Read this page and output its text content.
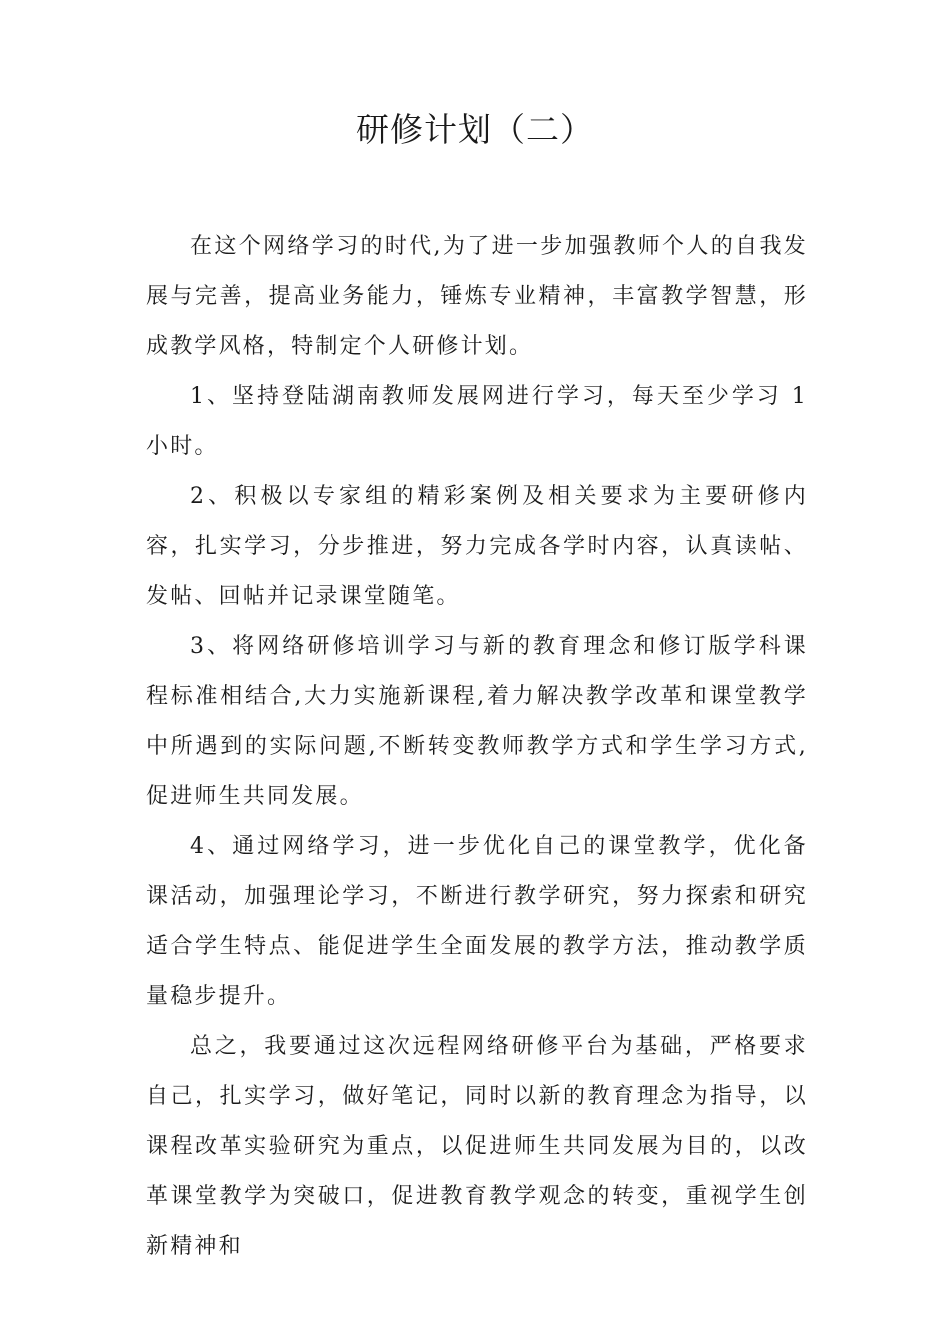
研修计划（二）

在这个网络学习的时代,为了进一步加强教师个人的自我发展与完善，提高业务能力，锤炼专业精神，丰富教学智慧，形成教学风格，特制定个人研修计划。

1、坚持登陆湖南教师发展网进行学习，每天至少学习 1 小时。

2、积极以专家组的精彩案例及相关要求为主要研修内容，扎实学习，分步推进，努力完成各学时内容，认真读帖、发帖、回帖并记录课堂随笔。

3、将网络研修培训学习与新的教育理念和修订版学科课程标准相结合,大力实施新课程,着力解决教学改革和课堂教学中所遇到的实际问题,不断转变教师教学方式和学生学习方式,促进师生共同发展。

4、通过网络学习，进一步优化自己的课堂教学，优化备课活动，加强理论学习，不断进行教学研究，努力探索和研究适合学生特点、能促进学生全面发展的教学方法，推动教学质量稳步提升。

总之，我要通过这次远程网络研修平台为基础，严格要求自己，扎实学习，做好笔记，同时以新的教育理念为指导，以课程改革实验研究为重点，以促进师生共同发展为目的，以改革课堂教学为突破口，促进教育教学观念的转变，重视学生创新精神和
